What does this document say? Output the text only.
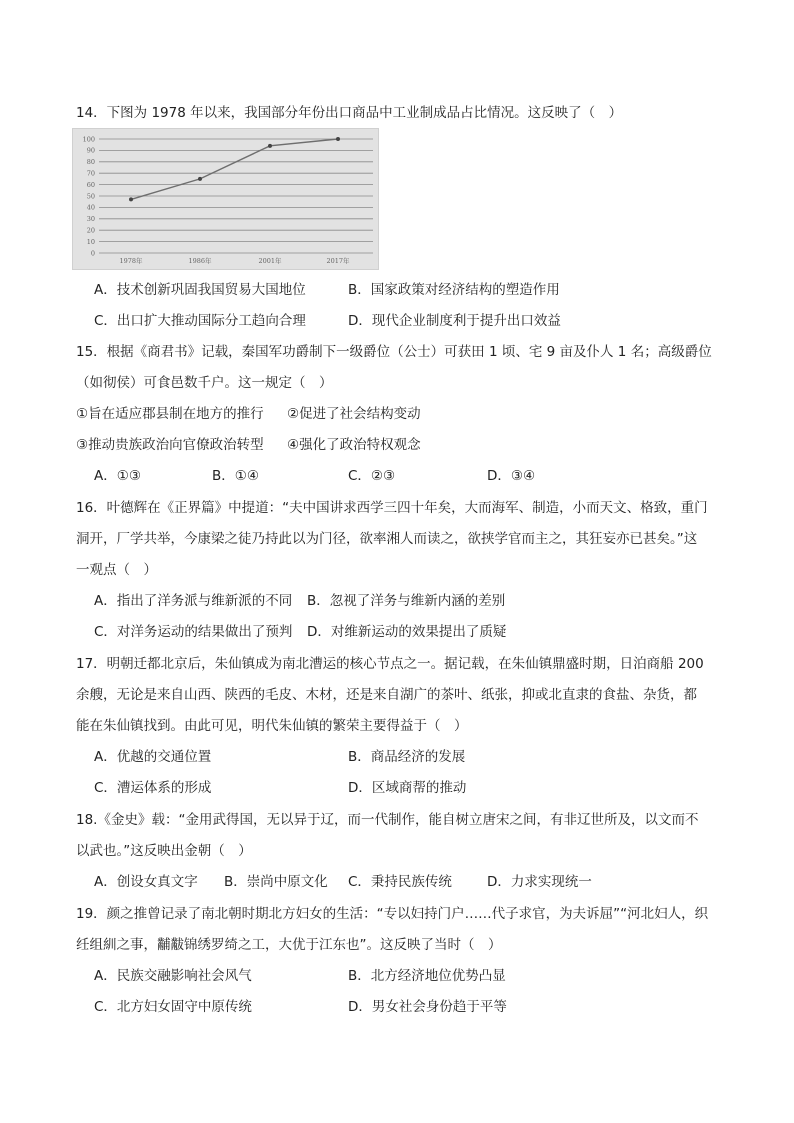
14．下图为 1978 年以来，我国部分年份出口商品中工业制成品占比情况。这反映了（　）
0
10
20
30
40
50
60
70
80
90
100
1978年	1986年	2001年	2017年
A．技术创新巩固我国贸易大国地位	B．国家政策对经济结构的塑造作用
C．出口扩大推动国际分工趋向合理	D．现代企业制度利于提升出口效益
15．根据《商君书》记载，秦国军功爵制下一级爵位（公士）可获田 1 顷、宅 9 亩及仆人 1 名；高级爵位
（如彻侯）可食邑数千户。这一规定（　）
①旨在适应郡县制在地方的推行 ②促进了社会结构变动
③推动贵族政治向官僚政治转型 ④强化了政治特权观念
A．①③	B．①④	C．②③	D．③④
16．叶德辉在《正界篇》中提道：“夫中国讲求西学三四十年矣，大而海军、制造，小而天文、格致，重门
洞开，厂学共举，今康梁之徒乃持此以为门径，欲率湘人而读之，欲挟学官而主之，其狂妄亦已甚矣。”这
一观点（　）
A．指出了洋务派与维新派的不同 B．忽视了洋务与维新内涵的差别
C．对洋务运动的结果做出了预判 D．对维新运动的效果提出了质疑
17．明朝迁都北京后，朱仙镇成为南北漕运的核心节点之一。据记载，在朱仙镇鼎盛时期，日泊商船 200
余艘，无论是来自山西、陕西的毛皮、木材，还是来自湖广的茶叶、纸张，抑或北直隶的食盐、杂货，都
能在朱仙镇找到。由此可见，明代朱仙镇的繁荣主要得益于（　）
A．优越的交通位置	B．商品经济的发展
C．漕运体系的形成	D．区域商帮的推动
18.《金史》载：“金用武得国，无以异于辽，而一代制作，能自树立唐宋之间，有非辽世所及，以文而不
以武也。”这反映出金朝（　）
A．创设女真文字 B．崇尚中原文化 C．秉持民族传统	D．力求实现统一
19．颜之推曾记录了南北朝时期北方妇女的生活：“专以妇持门户……代子求官，为夫诉屈”“河北妇人，织
纴组紃之事，黼黻锦绣罗绮之工，大优于江东也”。这反映了当时（　）
A．民族交融影响社会风气	B．北方经济地位优势凸显
C．北方妇女固守中原传统	D．男女社会身份趋于平等
